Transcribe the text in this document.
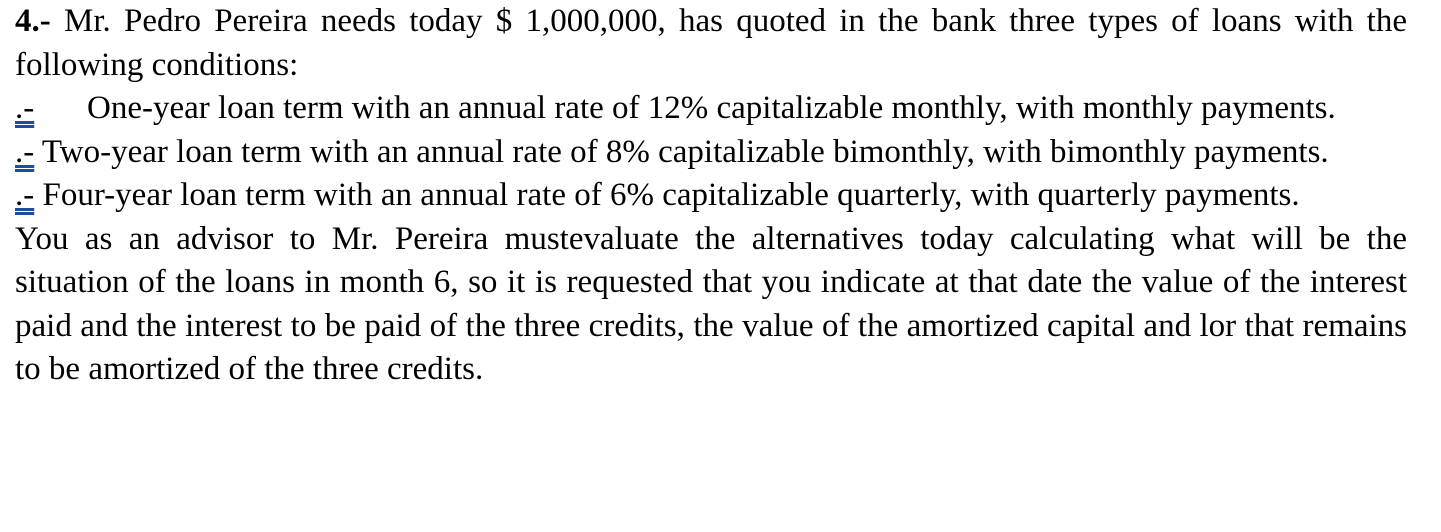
4.- Mr. Pedro Pereira needs today $ 1,000,000, has quoted in the bank three types of loans with the following conditions:

.- One-year loan term with an annual rate of 12% capitalizable monthly, with monthly payments.

.- Two-year loan term with an annual rate of 8% capitalizable bimonthly, with bimonthly payments.

.- Four-year loan term with an annual rate of 6% capitalizable quarterly, with quarterly payments.

You as an advisor to Mr. Pereira mustevaluate the alternatives today calculating what will be the situation of the loans in month 6, so it is requested that you indicate at that date the value of the interest paid and the interest to be paid of the three credits, the value of the amortized capital and lor that remains to be amortized of the three credits.
